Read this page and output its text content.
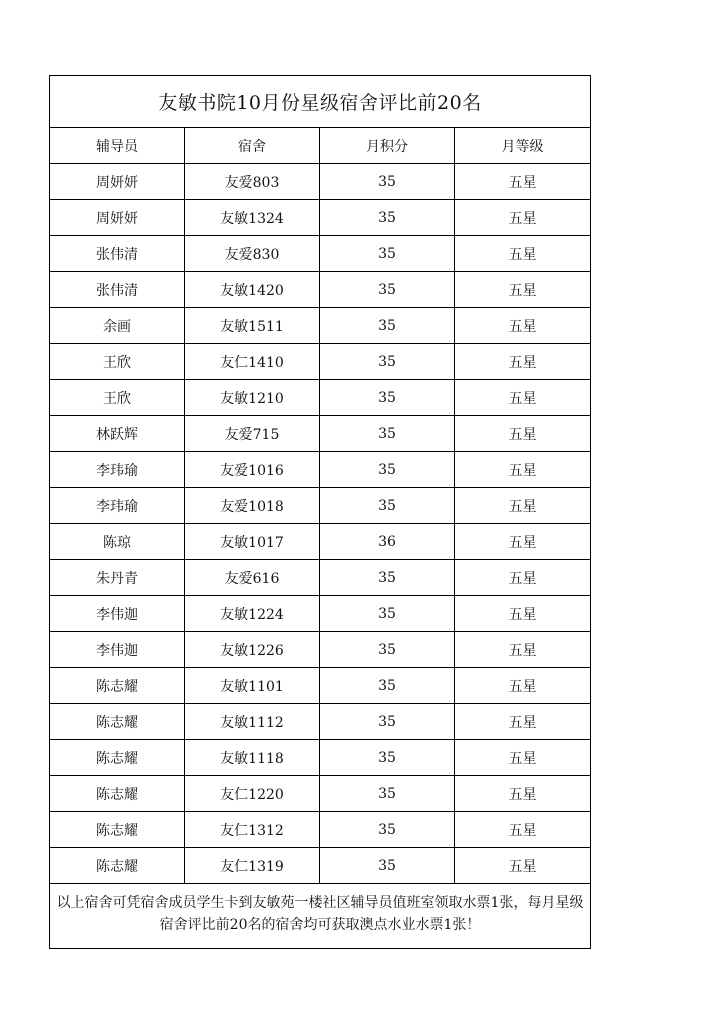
友敏书院10月份星级宿舍评比前20名			
辅导员	宿舍	月积分	月等级
周妍妍	友爱803	35	五星
周妍妍	友敏1324	35	五星
张伟清	友爱830	35	五星
张伟清	友敏1420	35	五星
余画	友敏1511	35	五星
王欣	友仁1410	35	五星
王欣	友敏1210	35	五星
林跃辉	友爱715	35	五星
李玮瑜	友爱1016	35	五星
李玮瑜	友爱1018	35	五星
陈琼	友敏1017	36	五星
朱丹青	友爱616	35	五星
李伟迦	友敏1224	35	五星
李伟迦	友敏1226	35	五星
陈志耀	友敏1101	35	五星
陈志耀	友敏1112	35	五星
陈志耀	友敏1118	35	五星
陈志耀	友仁1220	35	五星
陈志耀	友仁1312	35	五星
陈志耀	友仁1319	35	五星
以上宿舍可凭宿舍成员学生卡到友敏苑一楼社区辅导员值班室领取水票1张，每月星级宿舍评比前20名的宿舍均可获取澳点水业水票1张！			
